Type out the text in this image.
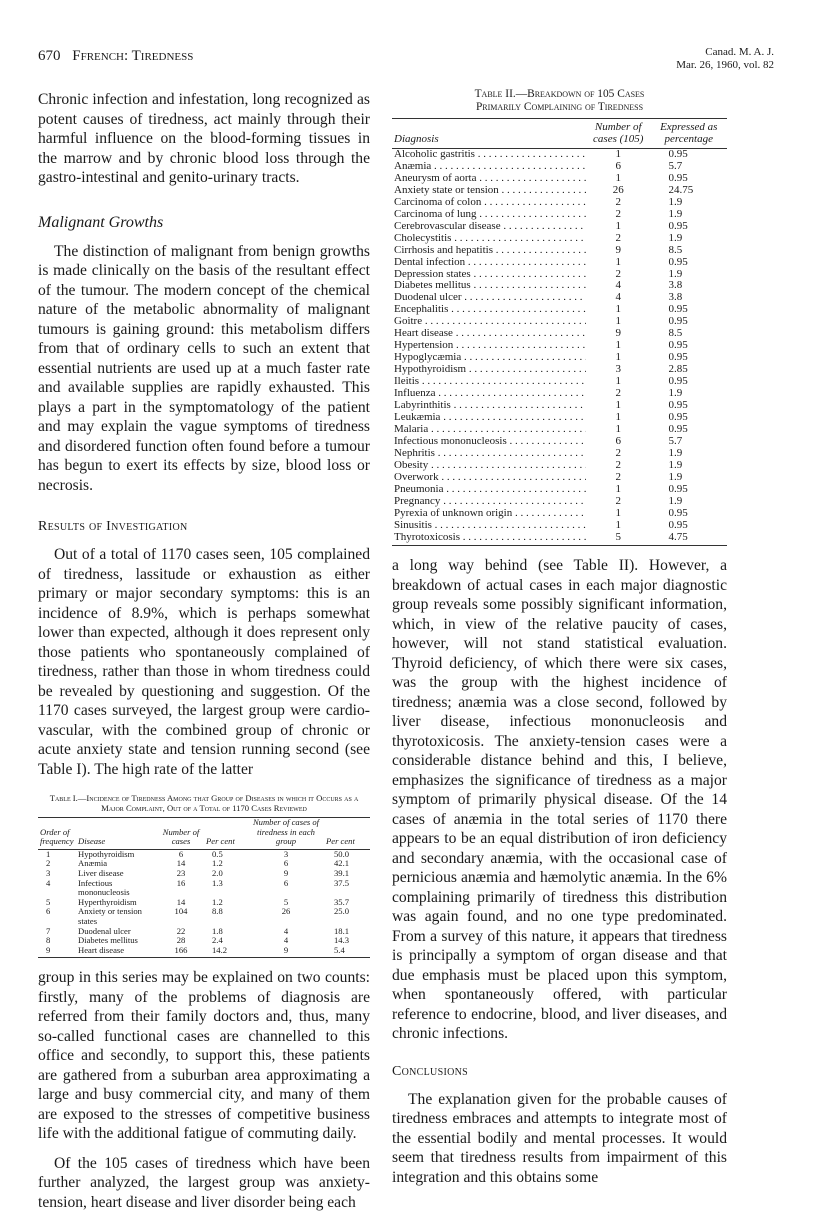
670 Ffrench: Tiredness	Canad. M. A. J.
Mar. 26, 1960, vol. 82

Chronic infection and infestation, long recognized as potent causes of tiredness, act mainly through their harmful influence on the blood-forming tissues in the marrow and by chronic blood loss through the gastro-intestinal and genito-urinary tracts.

Malignant Growths

The distinction of malignant from benign growths is made clinically on the basis of the resultant effect of the tumour. The modern concept of the chemical nature of the metabolic abnormality of malignant tumours is gaining ground: this metabolism differs from that of ordinary cells to such an extent that essential nutrients are used up at a much faster rate and available supplies are rapidly exhausted. This plays a part in the symptomatology of the patient and may explain the vague symptoms of tiredness and disordered function often found before a tumour has begun to exert its effects by size, blood loss or necrosis.

Results of Investigation

Out of a total of 1170 cases seen, 105 complained of tiredness, lassitude or exhaustion as either primary or major secondary symptoms: this is an incidence of 8.9%, which is perhaps somewhat lower than expected, although it does represent only those patients who spontaneously complained of tiredness, rather than those in whom tiredness could be revealed by questioning and suggestion. Of the 1170 cases surveyed, the largest group were cardio-vascular, with the combined group of chronic or acute anxiety state and tension running second (see Table I). The high rate of the latter

Table I.—Incidence of Tiredness Among that Group of Diseases in which it Occurs as a Major Complaint, Out of a Total of 1170 Cases Reviewed
Order of frequency	Disease	Number of cases	Per cent	Number of cases of tiredness in each group	Per cent
1	Hypothyroidism	6	0.5	3	50.0
2	Anæmia	14	1.2	6	42.1
3	Liver disease	23	2.0	9	39.1
4	Infectious mononucleosis	16	1.3	6	37.5
5	Hyperthyroidism	14	1.2	5	35.7
6	Anxiety or tension states	104	8.8	26	25.0
7	Duodenal ulcer	22	1.8	4	18.1
8	Diabetes mellitus	28	2.4	4	14.3
9	Heart disease	166	14.2	9	5.4

group in this series may be explained on two counts: firstly, many of the problems of diagnosis are referred from their family doctors and, thus, many so-called functional cases are channelled to this office and secondly, to support this, these patients are gathered from a suburban area approximating a large and busy commercial city, and many of them are exposed to the stresses of competitive business life with the additional fatigue of commuting daily.

Of the 105 cases of tiredness which have been further analyzed, the largest group was anxiety-tension, heart disease and liver disorder being each

Table II.—Breakdown of 105 Cases
Primarily Complaining of Tiredness
Diagnosis	Number of cases (105)	Expressed as percentage
Alcoholic gastritis . . .	1	0.95
Anæmia . . .	6	5.7
Aneurysm of aorta . . .	1	0.95
Anxiety state or tension . . .	26	24.75
Carcinoma of colon . . .	2	1.9
Carcinoma of lung . . .	2	1.9
Cerebrovascular disease . . .	1	0.95
Cholecystitis . . .	2	1.9
Cirrhosis and hepatitis . . .	9	8.5
Dental infection . . .	1	0.95
Depression states . . .	2	1.9
Diabetes mellitus . . .	4	3.8
Duodenal ulcer . . .	4	3.8
Encephalitis . . .	1	0.95
Goitre . . .	1	0.95
Heart disease . . .	9	8.5
Hypertension . . .	1	0.95
Hypoglycæmia . . .	1	0.95
Hypothyroidism . . .	3	2.85
Ileitis . . .	1	0.95
Influenza . . .	2	1.9
Labyrinthitis . . .	1	0.95
Leukæmia . . .	1	0.95
Malaria . . .	1	0.95
Infectious mononucleosis . . .	6	5.7
Nephritis . . .	2	1.9
Obesity . . .	2	1.9
Overwork . . .	2	1.9
Pneumonia . . .	1	0.95
Pregnancy . . .	2	1.9
Pyrexia of unknown origin . . .	1	0.95
Sinusitis . . .	1	0.95
Thyrotoxicosis . . .	5	4.75

a long way behind (see Table II). However, a breakdown of actual cases in each major diagnostic group reveals some possibly significant information, which, in view of the relative paucity of cases, however, will not stand statistical evaluation. Thyroid deficiency, of which there were six cases, was the group with the highest incidence of tiredness; anæmia was a close second, followed by liver disease, infectious mononucleosis and thyrotoxicosis. The anxiety-tension cases were a considerable distance behind and this, I believe, emphasizes the significance of tiredness as a major symptom of primarily physical disease. Of the 14 cases of anæmia in the total series of 1170 there appears to be an equal distribution of iron deficiency and secondary anæmia, with the occasional case of pernicious anæmia and hæmolytic anæmia. In the 6% complaining primarily of tiredness this distribution was again found, and no one type predominated. From a survey of this nature, it appears that tiredness is principally a symptom of organ disease and that due emphasis must be placed upon this symptom, when spontaneously offered, with particular reference to endocrine, blood, and liver diseases, and chronic infections.

Conclusions

The explanation given for the probable causes of tiredness embraces and attempts to integrate most of the essential bodily and mental processes. It would seem that tiredness results from impairment of this integration and this obtains some
